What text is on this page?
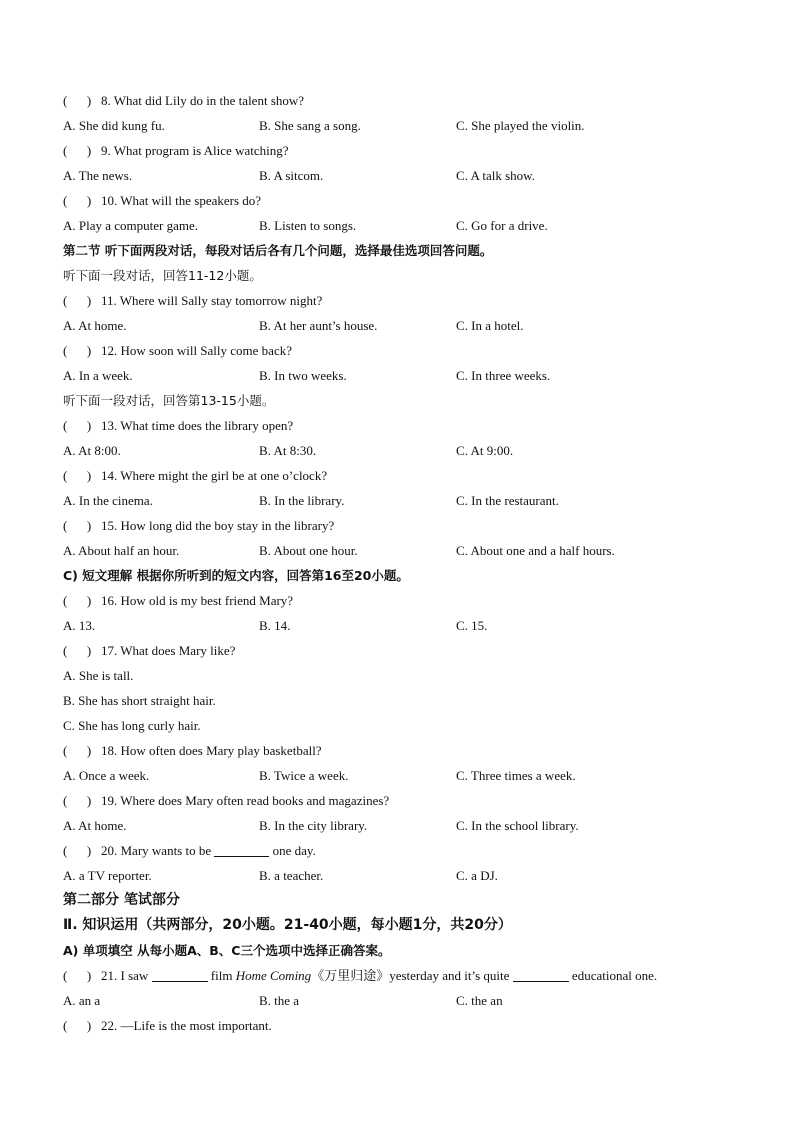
(      ) 8. What did Lily do in the talent show?
A. She did kung fu.	B. She sang a song.	C. She played the violin.
(      ) 9. What program is Alice watching?
A. The news.	B. A sitcom.	C. A talk show.
(      ) 10. What will the speakers do?
A. Play a computer game.	B. Listen to songs.	C. Go for a drive.
第二节 听下面两段对话，每段对话后各有几个问题，选择最佳选项回答问题。
听下面一段对话，回答11-12小题。
(      ) 11. Where will Sally stay tomorrow night?
A. At home.	B. At her aunt’s house.	C. In a hotel.
(      ) 12. How soon will Sally come back?
A. In a week.	B. In two weeks.	C. In three weeks.
听下面一段对话，回答第13-15小题。
(      ) 13. What time does the library open?
A. At 8:00.	B. At 8:30.	C. At 9:00.
(      ) 14. Where might the girl be at one o’clock?
A. In the cinema.	B. In the library.	C. In the restaurant.
(      ) 15. How long did the boy stay in the library?
A. About half an hour.	B. About one hour.	C. About one and a half hours.
C) 短文理解 根据你所听到的短文内容，回答第16至20小题。
(      ) 16. How old is my best friend Mary?
A. 13.	B. 14.	C. 15.
(      ) 17. What does Mary like?
A. She is tall.
B. She has short straight hair.
C. She has long curly hair.
(      ) 18. How often does Mary play basketball?
A. Once a week.	B. Twice a week.	C. Three times a week.
(      ) 19. Where does Mary often read books and magazines?
A. At home.	B. In the city library.	C. In the school library.
(      ) 20. Mary wants to be	one day.
A. a TV reporter.	B. a teacher.	C. a DJ.
第二部分 笔试部分
Ⅱ. 知识运用（共两部分，20小题。21-40小题，每小题1分，共20分）
A) 单项填空 从每小题A、B、C三个选项中选择正确答案。
(      ) 21. I saw	film Home Coming《万里归途》yesterday and it’s quite	educational one.
A. an a	B. the a	C. the an
(      ) 22. —Life is the most important.
